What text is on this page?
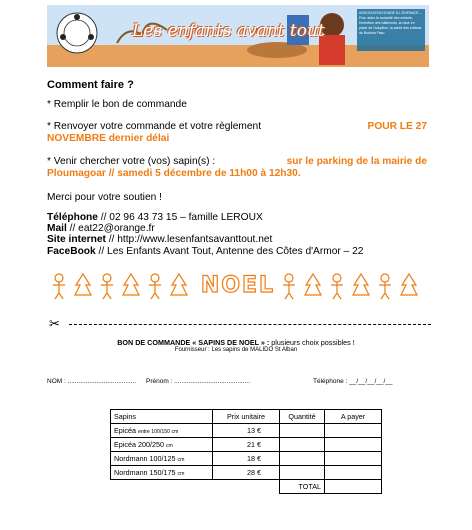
Les enfants avant tout
ASSOCIATION D'AIDE À L'ENFANCE – Pour aider la scolarité des enfants, l'entretien des bâtiments, la mise en place de l'adoption, la santé des enfants du Burkina Faso
Comment faire ?
* Remplir le bon de commande
* Renvoyer votre commande et votre règlement	POUR LE 27
NOVEMBRE dernier délai
* Venir chercher votre (vos) sapin(s) :	sur le parking de la mairie de
Ploumagoar // samedi 5 décembre de 11h00 à 12h30.
Merci pour votre soutien !
Téléphone // 02 96 43 73 15 – famille LEROUX
Mail // eat22@orange.fr
Site internet // http://www.lesenfantsavanttout.net
FaceBook // Les Enfants Avant Tout, Antenne des Côtes d'Armor – 22
NOEL
✂
BON DE COMMANDE « SAPINS DE NOEL » : plusieurs choix possibles !
Fournisseur : Les sapins de MALIDO St Alban
NOM : ...................................... Prénom : ..........................................	Téléphone : __/__/__/__/__
Sapins	Prix unitaire	Quantité	A payer
Epicéa entre 100/150 cm	13 €		
Epicéa 200/250 cm	21 €		
Nordmann 100/125 cm	18 €		
Nordmann 150/175 cm	28 €		
		TOTAL	
